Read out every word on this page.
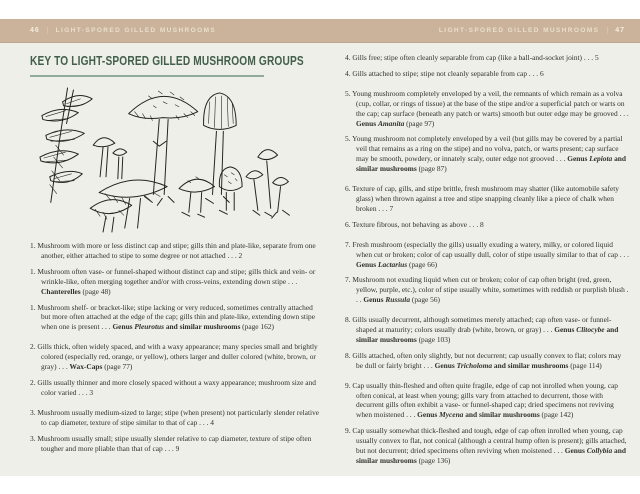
46 | LIGHT-SPORED GILLED MUSHROOMS	LIGHT-SPORED GILLED MUSHROOMS | 47
KEY TO LIGHT-SPORED GILLED MUSHROOM GROUPS
1. Mushroom with more or less distinct cap and stipe; gills thin and plate-like, separate from one another, either attached to stipe to some degree or not attached . . . 2
1. Mushroom often vase- or funnel-shaped without distinct cap and stipe; gills thick and vein- or wrinkle-like, often merging together and/or with cross-veins, extending down stipe . . . Chanterelles (page 48)
1. Mushroom shelf- or bracket-like; stipe lacking or very reduced, sometimes centrally attached but more often attached at the edge of the cap; gills thin and plate-like, extending down stipe when one is present . . . Genus Pleurotus and similar mushrooms (page 162)
2. Gills thick, often widely spaced, and with a waxy appearance; many species small and brightly colored (especially red, orange, or yellow), others larger and duller colored (white, brown, or gray) . . . Wax-Caps (page 77)
2. Gills usually thinner and more closely spaced without a waxy appearance; mushroom size and color varied . . . 3
3. Mushroom usually medium-sized to large; stipe (when present) not particularly slender relative to cap diameter, texture of stipe similar to that of cap . . . 4
3. Mushroom usually small; stipe usually slender relative to cap diameter, texture of stipe often tougher and more pliable than that of cap . . . 9
4. Gills free; stipe often cleanly separable from cap (like a ball-and-socket joint) . . . 5
4. Gills attached to stipe; stipe not cleanly separable from cap . . . 6
5. Young mushroom completely enveloped by a veil, the remnants of which remain as a volva (cup, collar, or rings of tissue) at the base of the stipe and/or a superficial patch or warts on the cap; cap surface (beneath any patch or warts) smooth but outer edge may be grooved . . . Genus Amanita (page 97)
5. Young mushroom not completely enveloped by a veil (but gills may be covered by a partial veil that remains as a ring on the stipe) and no volva, patch, or warts present; cap surface may be smooth, powdery, or innately scaly, outer edge not grooved . . . Genus Lepiota and similar mushrooms (page 87)
6. Texture of cap, gills, and stipe brittle, fresh mushroom may shatter (like automobile safety glass) when thrown against a tree and stipe snapping cleanly like a piece of chalk when broken . . . 7
6. Texture fibrous, not behaving as above . . . 8
7. Fresh mushroom (especially the gills) usually exuding a watery, milky, or colored liquid when cut or broken; color of cap usually dull, color of stipe usually similar to that of cap . . . Genus Lactarius (page 66)
7. Mushroom not exuding liquid when cut or broken; color of cap often bright (red, green, yellow, purple, etc.), color of stipe usually white, sometimes with reddish or purplish blush . . . Genus Russula (page 56)
8. Gills usually decurrent, although sometimes merely attached; cap often vase- or funnel-shaped at maturity; colors usually drab (white, brown, or gray) . . . Genus Clitocybe and similar mushrooms (page 103)
8. Gills attached, often only slightly, but not decurrent; cap usually convex to flat; colors may be dull or fairly bright . . . Genus Tricholoma and similar mushrooms (page 114)
9. Cap usually thin-fleshed and often quite fragile, edge of cap not inrolled when young, cap often conical, at least when young; gills vary from attached to decurrent, those with decurrent gills often exhibit a vase- or funnel-shaped cap; dried specimens not reviving when moistened . . . Genus Mycena and similar mushrooms (page 142)
9. Cap usually somewhat thick-fleshed and tough, edge of cap often inrolled when young, cap usually convex to flat, not conical (although a central hump often is present); gills attached, but not decurrent; dried specimens often reviving when moistened . . . Genus Collybia and similar mushrooms (page 136)
